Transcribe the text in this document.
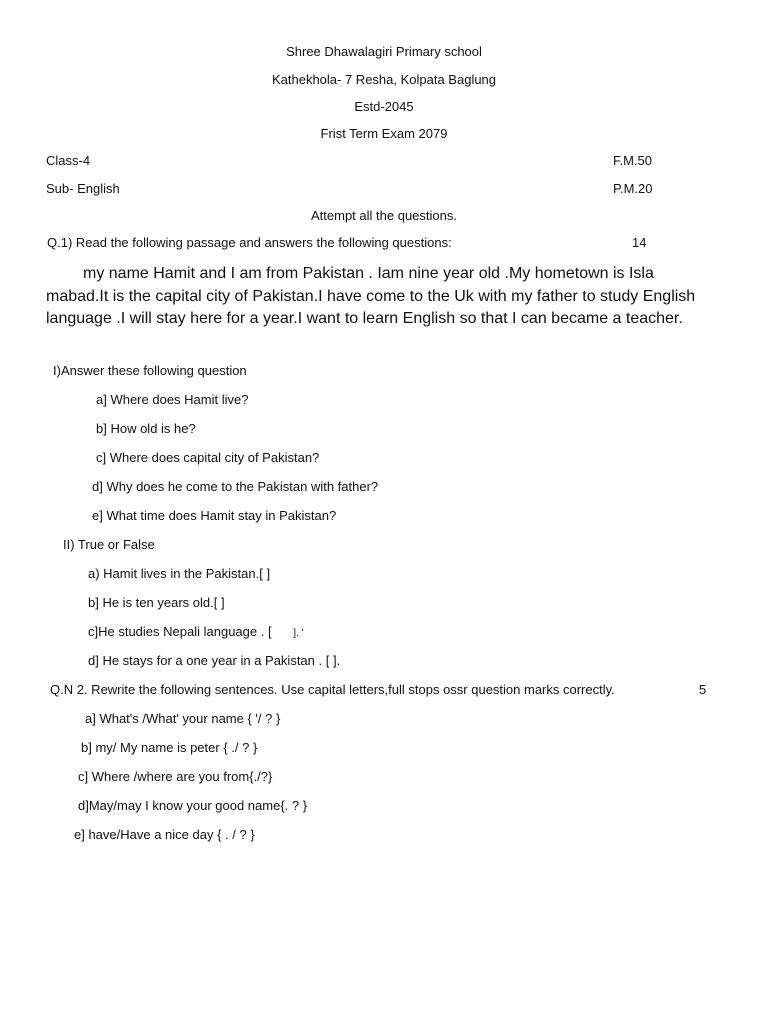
Shree Dhawalagiri Primary school
Kathekhola- 7 Resha, Kolpata Baglung
Estd-2045
Frist Term Exam 2079
Class-4	F.M.50
Sub- English	P.M.20
Attempt all the questions.
Q.1) Read the following passage and answers the following questions:	14

my name Hamit and I am from Pakistan . Iam nine year old .My hometown is Isla mabad.It is the capital city of Pakistan.I have come to the Uk with my father to study English language .I will stay here for a year.I want to learn English so that I can became a teacher.

I)Answer these following question
a] Where does Hamit live?
b] How old is he?
c] Where does capital city of Pakistan?
d] Why does he come to the Pakistan with father?
e] What time does Hamit stay in Pakistan?
II) True or False
a) Hamit lives in the Pakistan.[ ]
b] He is ten years old.[ ]
c]He studies Nepali language . [ ]. '
d] He stays for a one year in a Pakistan . [ ].
Q.N 2. Rewrite the following sentences. Use capital letters,full stops ossr question marks correctly.	5
a] What's /What' your name { '/ ? }
b] my/ My name is peter { ./ ? }
c] Where /where are you from{./?}
d]May/may I know your good name{. ? }
e] have/Have a nice day { . / ? }
